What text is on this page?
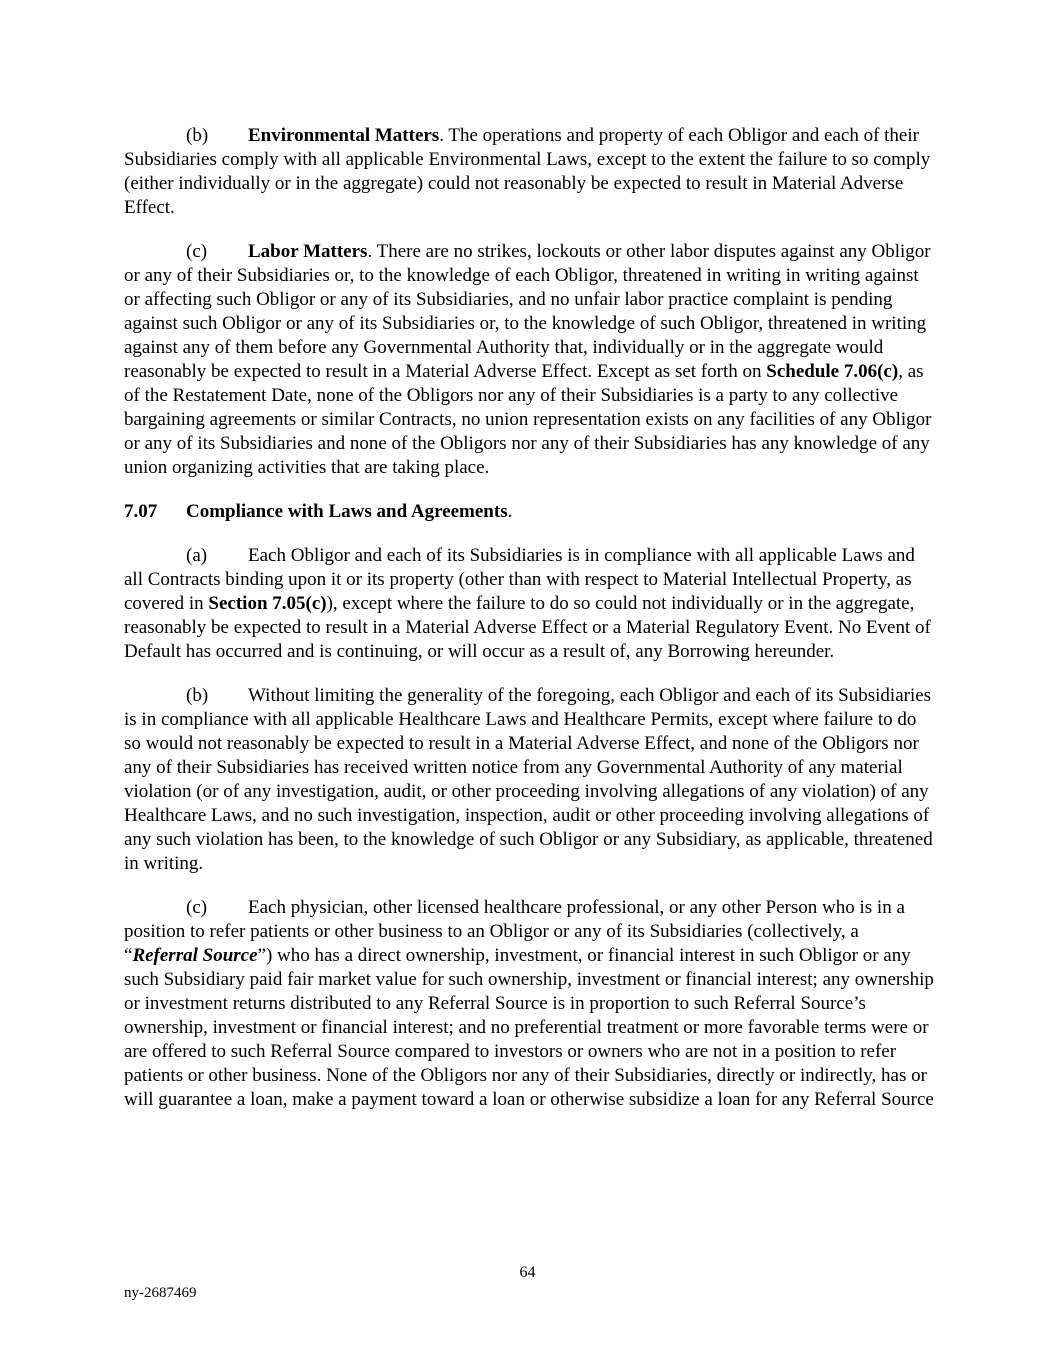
(b) Environmental Matters. The operations and property of each Obligor and each of their Subsidiaries comply with all applicable Environmental Laws, except to the extent the failure to so comply (either individually or in the aggregate) could not reasonably be expected to result in Material Adverse Effect.

(c) Labor Matters. There are no strikes, lockouts or other labor disputes against any Obligor or any of their Subsidiaries or, to the knowledge of each Obligor, threatened in writing in writing against or affecting such Obligor or any of its Subsidiaries, and no unfair labor practice complaint is pending against such Obligor or any of its Subsidiaries or, to the knowledge of such Obligor, threatened in writing against any of them before any Governmental Authority that, individually or in the aggregate would reasonably be expected to result in a Material Adverse Effect. Except as set forth on Schedule 7.06(c), as of the Restatement Date, none of the Obligors nor any of their Subsidiaries is a party to any collective bargaining agreements or similar Contracts, no union representation exists on any facilities of any Obligor or any of its Subsidiaries and none of the Obligors nor any of their Subsidiaries has any knowledge of any union organizing activities that are taking place.

7.07 Compliance with Laws and Agreements.

(a) Each Obligor and each of its Subsidiaries is in compliance with all applicable Laws and all Contracts binding upon it or its property (other than with respect to Material Intellectual Property, as covered in Section 7.05(c)), except where the failure to do so could not individually or in the aggregate, reasonably be expected to result in a Material Adverse Effect or a Material Regulatory Event. No Event of Default has occurred and is continuing, or will occur as a result of, any Borrowing hereunder.

(b) Without limiting the generality of the foregoing, each Obligor and each of its Subsidiaries is in compliance with all applicable Healthcare Laws and Healthcare Permits, except where failure to do so would not reasonably be expected to result in a Material Adverse Effect, and none of the Obligors nor any of their Subsidiaries has received written notice from any Governmental Authority of any material violation (or of any investigation, audit, or other proceeding involving allegations of any violation) of any Healthcare Laws, and no such investigation, inspection, audit or other proceeding involving allegations of any such violation has been, to the knowledge of such Obligor or any Subsidiary, as applicable, threatened in writing.

(c) Each physician, other licensed healthcare professional, or any other Person who is in a position to refer patients or other business to an Obligor or any of its Subsidiaries (collectively, a “Referral Source”) who has a direct ownership, investment, or financial interest in such Obligor or any such Subsidiary paid fair market value for such ownership, investment or financial interest; any ownership or investment returns distributed to any Referral Source is in proportion to such Referral Source’s ownership, investment or financial interest; and no preferential treatment or more favorable terms were or are offered to such Referral Source compared to investors or owners who are not in a position to refer patients or other business. None of the Obligors nor any of their Subsidiaries, directly or indirectly, has or will guarantee a loan, make a payment toward a loan or otherwise subsidize a loan for any Referral Source

64
ny-2687469
